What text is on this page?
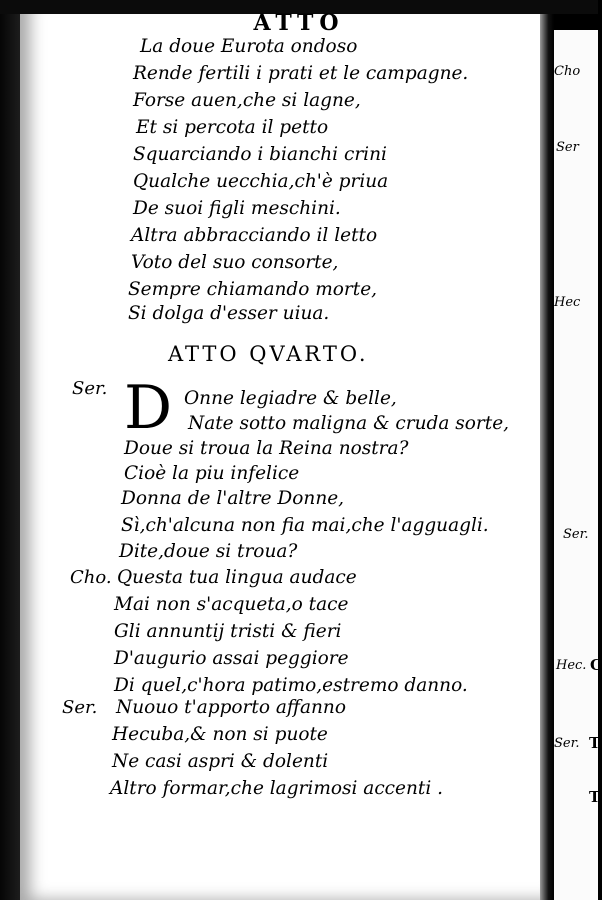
Cho
Ser
Hec
Ser.
Hec. C
Ser. T
T
ATTO
La doue Eurota ondoso
Rende fertili i prati et le campagne.
Forse auen,che si lagne,
Et si percota il petto
Squarciando i bianchi crini
Qualche uecchia,ch'è priua
De suoi figli meschini.
Altra abbracciando il letto
Voto del suo consorte,
Sempre chiamando morte,
Si dolga d'esser uiua.
ATTO QVARTO.
Ser. D Onne legiadre & belle,
Nate sotto maligna & cruda sorte,
Doue si troua la Reina nostra?
Cioè la piu infelice
Donna de l'altre Donne,
Sì,ch'alcuna non fia mai,che l'agguagli.
Dite,doue si troua?
Cho. Questa tua lingua audace
Mai non s'acqueta,o tace
Gli annuntij tristi & fieri
D'augurio assai peggiore
Di quel,c'hora patimo,estremo danno.
Ser. Nuouo t'apporto affanno
Hecuba,& non si puote
Ne casi aspri & dolenti
Altro formar,che lagrimosi accenti .
